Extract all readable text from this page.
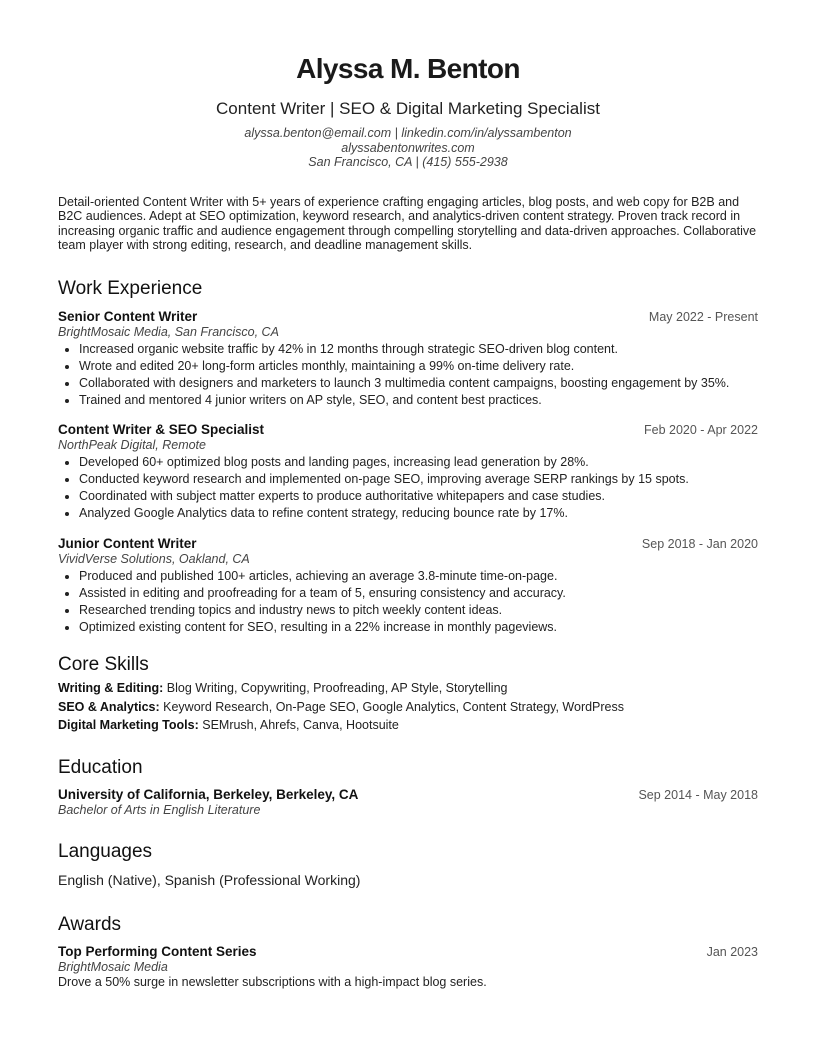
Alyssa M. Benton
Content Writer | SEO & Digital Marketing Specialist
alyssa.benton@email.com | linkedin.com/in/alyssambenton
alyssabentonwrites.com
San Francisco, CA | (415) 555-2938
Detail-oriented Content Writer with 5+ years of experience crafting engaging articles, blog posts, and web copy for B2B and B2C audiences. Adept at SEO optimization, keyword research, and analytics-driven content strategy. Proven track record in increasing organic traffic and audience engagement through compelling storytelling and data-driven approaches. Collaborative team player with strong editing, research, and deadline management skills.
Work Experience
Senior Content Writer	May 2022 - Present
BrightMosaic Media, San Francisco, CA
• Increased organic website traffic by 42% in 12 months through strategic SEO-driven blog content.
• Wrote and edited 20+ long-form articles monthly, maintaining a 99% on-time delivery rate.
• Collaborated with designers and marketers to launch 3 multimedia content campaigns, boosting engagement by 35%.
• Trained and mentored 4 junior writers on AP style, SEO, and content best practices.
Content Writer & SEO Specialist	Feb 2020 - Apr 2022
NorthPeak Digital, Remote
• Developed 60+ optimized blog posts and landing pages, increasing lead generation by 28%.
• Conducted keyword research and implemented on-page SEO, improving average SERP rankings by 15 spots.
• Coordinated with subject matter experts to produce authoritative whitepapers and case studies.
• Analyzed Google Analytics data to refine content strategy, reducing bounce rate by 17%.
Junior Content Writer	Sep 2018 - Jan 2020
VividVerse Solutions, Oakland, CA
• Produced and published 100+ articles, achieving an average 3.8-minute time-on-page.
• Assisted in editing and proofreading for a team of 5, ensuring consistency and accuracy.
• Researched trending topics and industry news to pitch weekly content ideas.
• Optimized existing content for SEO, resulting in a 22% increase in monthly pageviews.
Core Skills
Writing & Editing: Blog Writing, Copywriting, Proofreading, AP Style, Storytelling
SEO & Analytics: Keyword Research, On-Page SEO, Google Analytics, Content Strategy, WordPress
Digital Marketing Tools: SEMrush, Ahrefs, Canva, Hootsuite
Education
University of California, Berkeley, Berkeley, CA	Sep 2014 - May 2018
Bachelor of Arts in English Literature
Languages
English (Native), Spanish (Professional Working)
Awards
Top Performing Content Series	Jan 2023
BrightMosaic Media
Drove a 50% surge in newsletter subscriptions with a high-impact blog series.
